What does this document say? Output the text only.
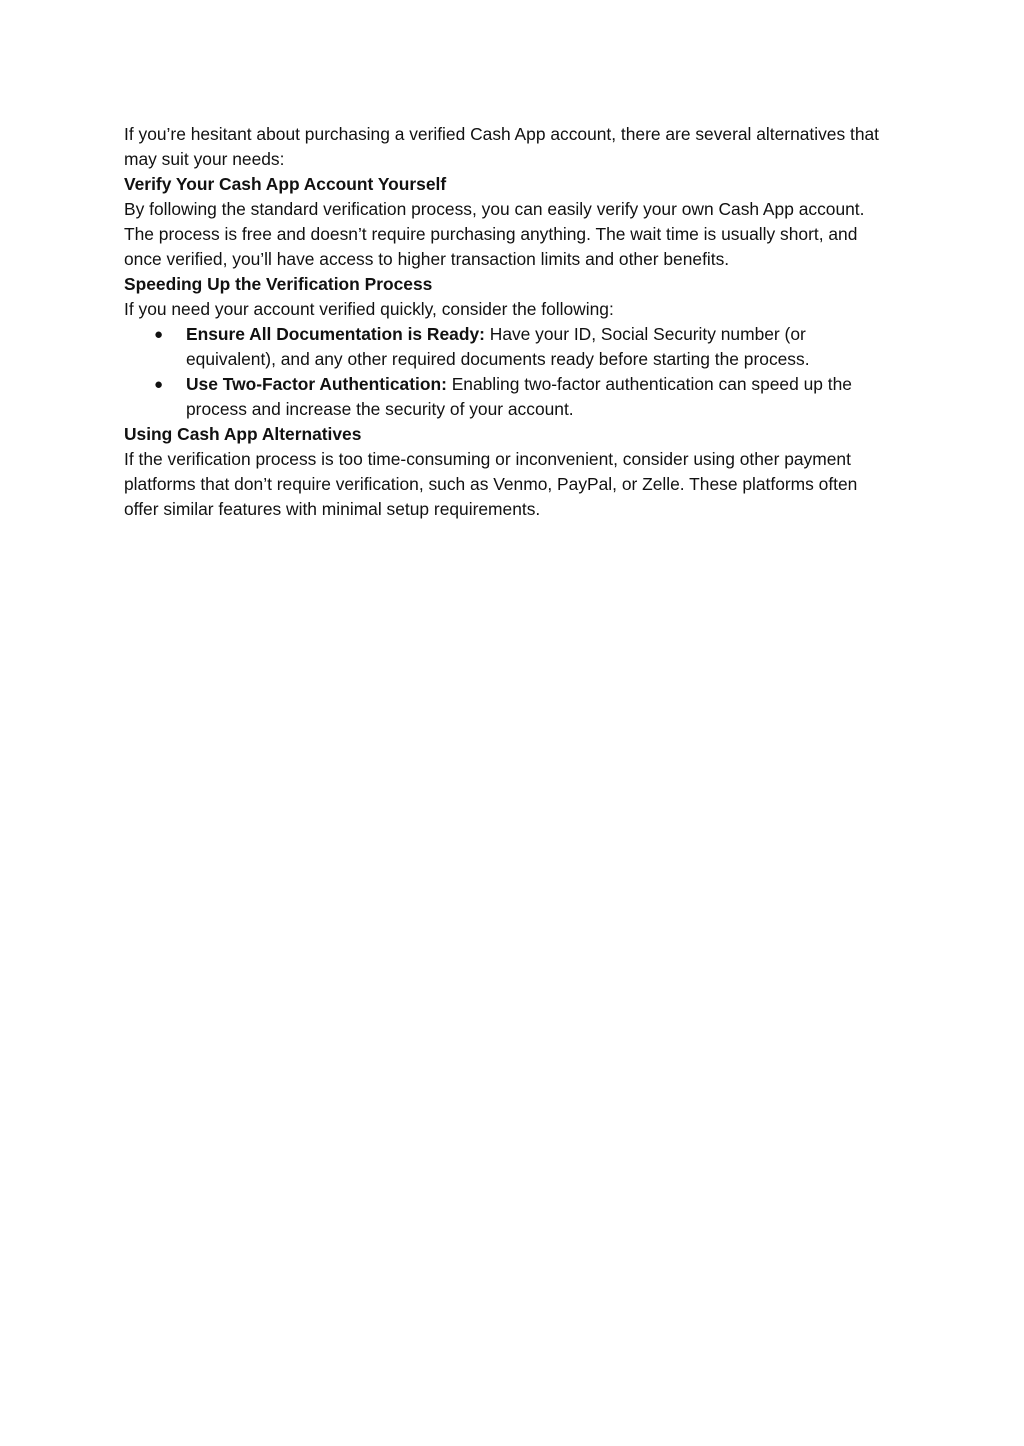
If you’re hesitant about purchasing a verified Cash App account, there are several alternatives that may suit your needs:

Verify Your Cash App Account Yourself

By following the standard verification process, you can easily verify your own Cash App account. The process is free and doesn’t require purchasing anything. The wait time is usually short, and once verified, you’ll have access to higher transaction limits and other benefits.

Speeding Up the Verification Process

If you need your account verified quickly, consider the following:

● Ensure All Documentation is Ready: Have your ID, Social Security number (or equivalent), and any other required documents ready before starting the process.
● Use Two-Factor Authentication: Enabling two-factor authentication can speed up the process and increase the security of your account.

Using Cash App Alternatives

If the verification process is too time-consuming or inconvenient, consider using other payment platforms that don’t require verification, such as Venmo, PayPal, or Zelle. These platforms often offer similar features with minimal setup requirements.
